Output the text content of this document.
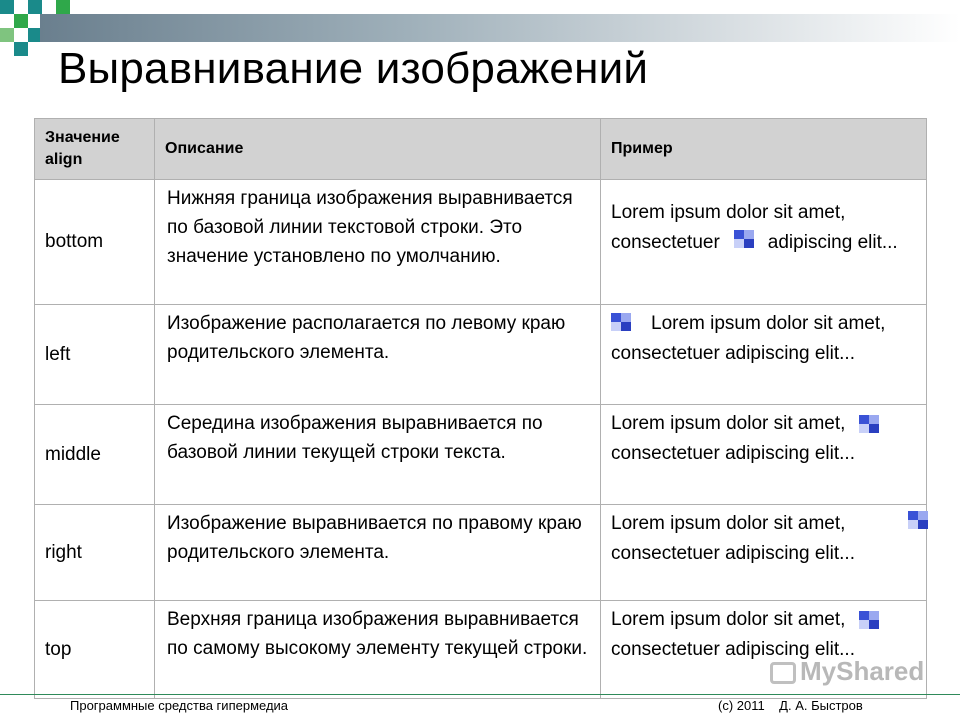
Выравнивание изображений
Значение align	Описание	Пример
bottom	Нижняя граница изображения выравнивается по базовой линии текстовой строки. Это значение установлено по умолчанию.	Lorem ipsum dolor sit amet, consectetuer adipiscing elit...
left	Изображение располагается по левому краю родительского элемента.	Lorem ipsum dolor sit amet, consectetuer adipiscing elit...
middle	Середина изображения выравнивается по базовой линии текущей строки текста.	Lorem ipsum dolor sit amet,consectetuer adipiscing elit...
right	Изображение выравнивается по правому краю родительского элемента.	Lorem ipsum dolor sit amet, consectetuer adipiscing elit...
top	Верхняя граница изображения выравнивается по самому высокому элементу текущей строки.	Lorem ipsum dolor sit amet,consectetuer adipiscing elit...
MyShared
Программные средства гипермедиа	(c) 2011    Д. А. Быстров
